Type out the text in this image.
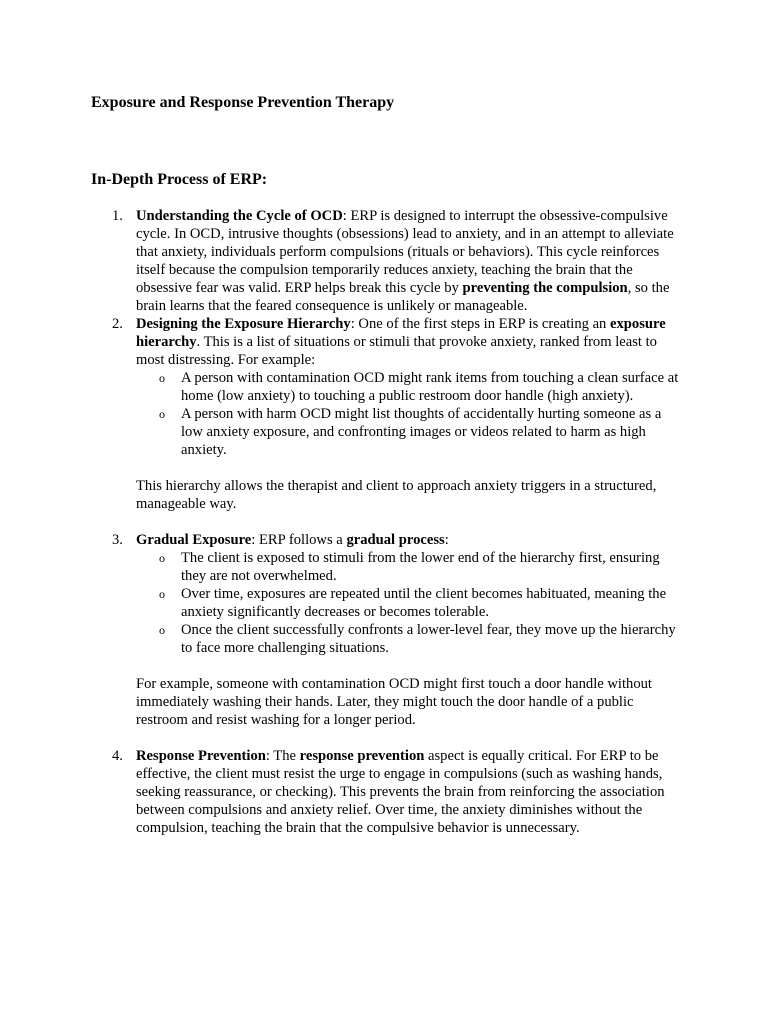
Exposure and Response Prevention Therapy
In-Depth Process of ERP:
1. Understanding the Cycle of OCD: ERP is designed to interrupt the obsessive-compulsive cycle. In OCD, intrusive thoughts (obsessions) lead to anxiety, and in an attempt to alleviate that anxiety, individuals perform compulsions (rituals or behaviors). This cycle reinforces itself because the compulsion temporarily reduces anxiety, teaching the brain that the obsessive fear was valid. ERP helps break this cycle by preventing the compulsion, so the brain learns that the feared consequence is unlikely or manageable.

2. Designing the Exposure Hierarchy: One of the first steps in ERP is creating an exposure hierarchy. This is a list of situations or stimuli that provoke anxiety, ranked from least to most distressing. For example:

o A person with contamination OCD might rank items from touching a clean surface at home (low anxiety) to touching a public restroom door handle (high anxiety).
o A person with harm OCD might list thoughts of accidentally hurting someone as a low anxiety exposure, and confronting images or videos related to harm as high anxiety.

This hierarchy allows the therapist and client to approach anxiety triggers in a structured, manageable way.

3. Gradual Exposure: ERP follows a gradual process:

o The client is exposed to stimuli from the lower end of the hierarchy first, ensuring they are not overwhelmed.
o Over time, exposures are repeated until the client becomes habituated, meaning the anxiety significantly decreases or becomes tolerable.
o Once the client successfully confronts a lower-level fear, they move up the hierarchy to face more challenging situations.

For example, someone with contamination OCD might first touch a door handle without immediately washing their hands. Later, they might touch the door handle of a public restroom and resist washing for a longer period.

4. Response Prevention: The response prevention aspect is equally critical. For ERP to be effective, the client must resist the urge to engage in compulsions (such as washing hands, seeking reassurance, or checking). This prevents the brain from reinforcing the association between compulsions and anxiety relief. Over time, the anxiety diminishes without the compulsion, teaching the brain that the compulsive behavior is unnecessary.
